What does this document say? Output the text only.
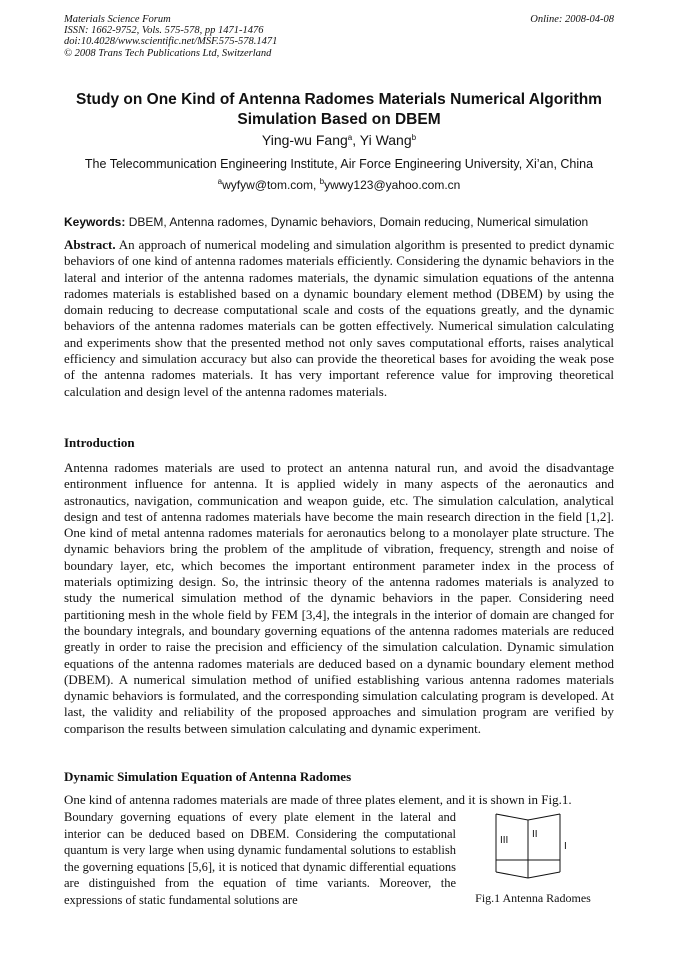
Materials Science Forum
ISSN: 1662-9752, Vols. 575-578, pp 1471-1476
doi:10.4028/www.scientific.net/MSF.575-578.1471
© 2008 Trans Tech Publications Ltd, Switzerland
Online: 2008-04-08
Study on One Kind of Antenna Radomes Materials Numerical Algorithm
Simulation Based on DBEM
Ying-wu Fang$^a$, Yi Wang$^b$
The Telecommunication Engineering Institute, Air Force Engineering University, Xi’an, China
$^a$wyfyw@tom.com, $^b$ywwy123@yahoo.com.cn
Keywords: DBEM, Antenna radomes, Dynamic behaviors, Domain reducing, Numerical simulation
Abstract. An approach of numerical modeling and simulation algorithm is presented to predict dynamic behaviors of one kind of antenna radomes materials efficiently. Considering the dynamic behaviors in the lateral and interior of the antenna radomes materials, the dynamic simulation equations of the antenna radomes materials is established based on a dynamic boundary element method (DBEM) by using the domain reducing to decrease computational scale and costs of the equations greatly, and the dynamic behaviors of the antenna radomes materials can be gotten effectively. Numerical simulation calculating and experiments show that the presented method not only saves computational efforts, raises analytical efficiency and simulation accuracy but also can provide the theoretical bases for avoiding the weak pose of the antenna radomes materials. It has very important reference value for improving theoretical calculation and design level of the antenna radomes materials.
Introduction
Antenna radomes materials are used to protect an antenna natural run, and avoid the disadvantage entironment influence for antenna. It is applied widely in many aspects of the aeronautics and astronautics, navigation, communication and weapon guide, etc. The simulation calculation, analytical design and test of antenna radomes materials have become the main research direction in the field [1,2]. One kind of metal antenna radomes materials for aeronautics belong to a monolayer plate structure. The dynamic behaviors bring the problem of the amplitude of vibration, frequency, strength and noise of boundary layer, etc, which becomes the important entironment parameter index in the process of materials optimizing design. So, the intrinsic theory of the antenna radomes materials is analyzed to study the numerical simulation method of the dynamic behaviors in the paper. Considering need partitioning mesh in the whole field by FEM [3,4], the integrals in the interior of domain are changed for the boundary integrals, and boundary governing equations of the antenna radomes materials are reduced greatly in order to raise the precision and efficiency of the simulation calculation. Dynamic simulation equations of the antenna radomes materials are deduced based on a dynamic boundary element method (DBEM). A numerical simulation method of unified establishing various antenna radomes materials dynamic behaviors is formulated, and the corresponding simulation calculating program is developed. At last, the validity and reliability of the proposed approaches and simulation program are verified by comparison the results between simulation calculating and dynamic experiment.
Dynamic Simulation Equation of Antenna Radomes
One kind of antenna radomes materials are made of three plates element, and it is shown in Fig.1.
Boundary governing equations of every plate element in the lateral and interior can be deduced based on DBEM. Considering the computational quantum is very large when using dynamic fundamental solutions to establish the governing equations [5,6], it is noticed that dynamic differential equations are distinguished from the equation of time variants. Moreover, the expressions of static fundamental solutions are
III
II
I
Fig.1 Antenna Radomes
